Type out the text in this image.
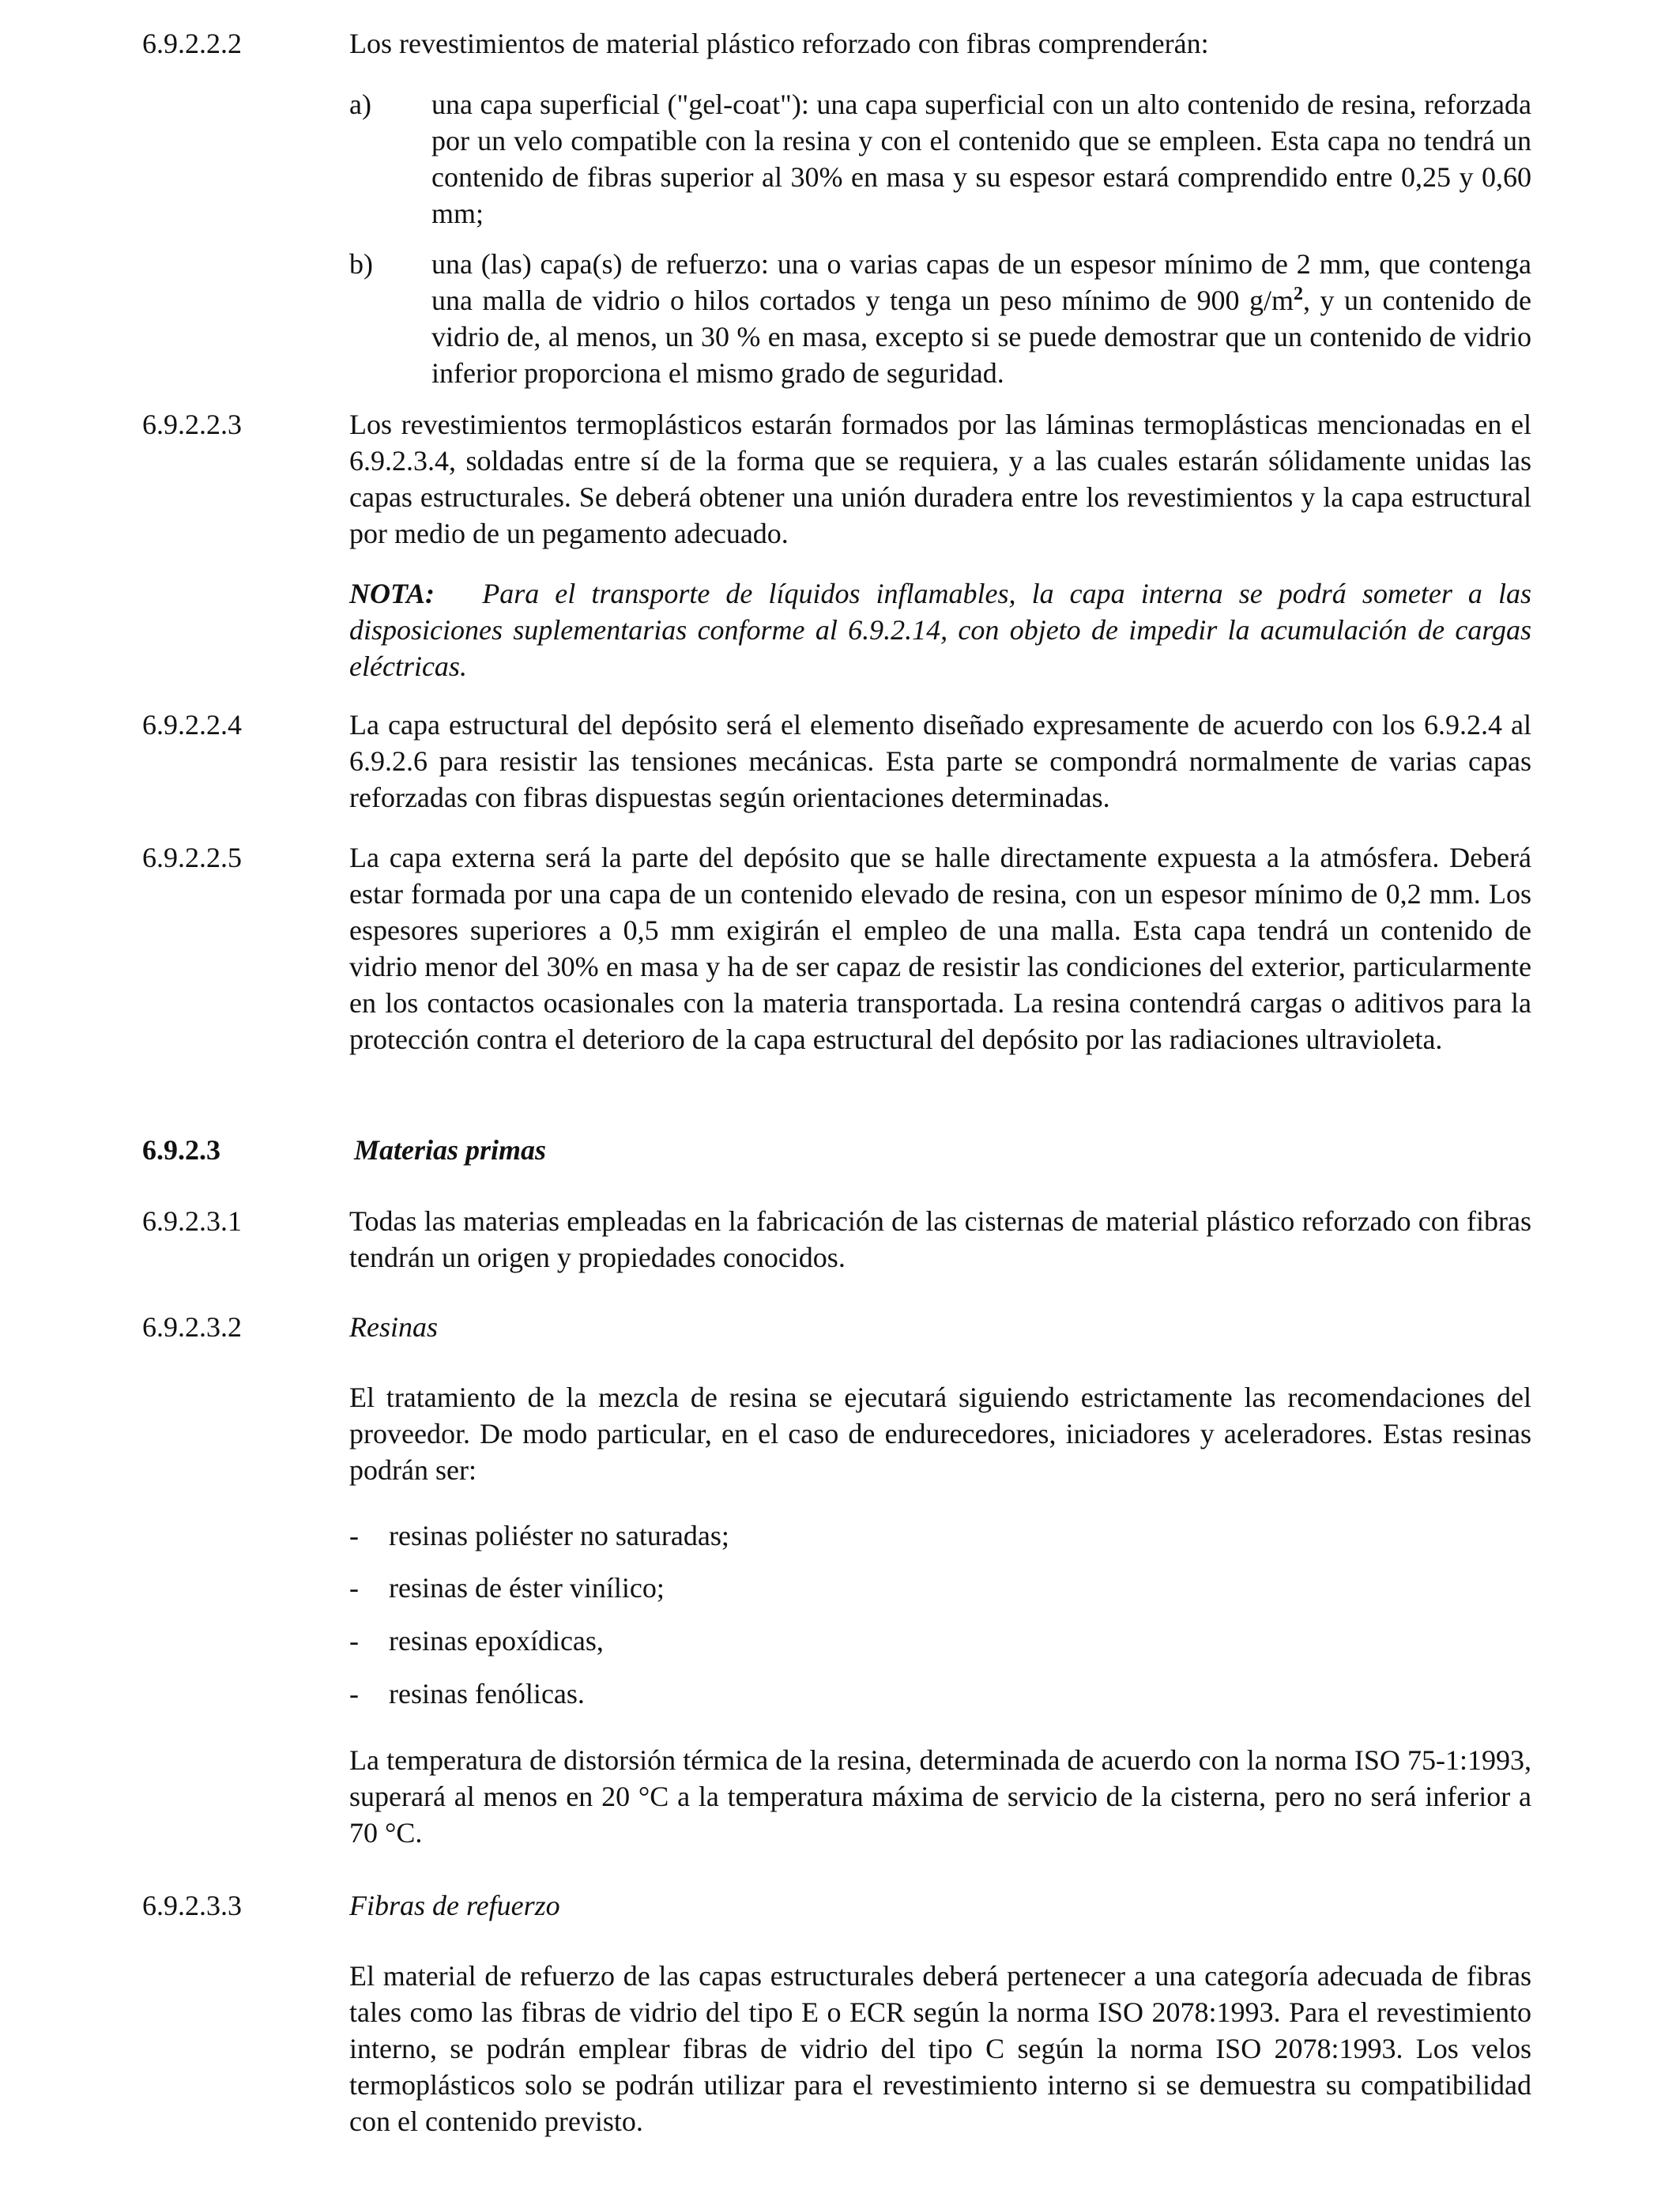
6.9.2.2.2	Los revestimientos de material plástico reforzado con fibras comprenderán:
a) una capa superficial ("gel-coat"): una capa superficial con un alto contenido de resina, reforzada por un velo compatible con la resina y con el contenido que se empleen. Esta capa no tendrá un contenido de fibras superior al 30% en masa y su espesor estará comprendido entre 0,25 y 0,60 mm;
b) una (las) capa(s) de refuerzo: una o varias capas de un espesor mínimo de 2 mm, que contenga una malla de vidrio o hilos cortados y tenga un peso mínimo de 900 $g/m^2$, y un contenido de vidrio de, al menos, un 30 % en masa, excepto si se puede demostrar que un contenido de vidrio inferior proporciona el mismo grado de seguridad.
6.9.2.2.3	Los revestimientos termoplásticos estarán formados por las láminas termoplásticas mencionadas en el 6.9.2.3.4, soldadas entre sí de la forma que se requiera, y a las cuales estarán sólidamente unidas las capas estructurales. Se deberá obtener una unión duradera entre los revestimientos y la capa estructural por medio de un pegamento adecuado.
NOTA: Para el transporte de líquidos inflamables, la capa interna se podrá someter a las disposiciones suplementarias conforme al 6.9.2.14, con objeto de impedir la acumulación de cargas eléctricas.
6.9.2.2.4	La capa estructural del depósito será el elemento diseñado expresamente de acuerdo con los 6.9.2.4 al 6.9.2.6 para resistir las tensiones mecánicas. Esta parte se compondrá normalmente de varias capas reforzadas con fibras dispuestas según orientaciones determinadas.
6.9.2.2.5	La capa externa será la parte del depósito que se halle directamente expuesta a la atmósfera. Deberá estar formada por una capa de un contenido elevado de resina, con un espesor mínimo de 0,2 mm. Los espesores superiores a 0,5 mm exigirán el empleo de una malla. Esta capa tendrá un contenido de vidrio menor del 30% en masa y ha de ser capaz de resistir las condiciones del exterior, particularmente en los contactos ocasionales con la materia transportada. La resina contendrá cargas o aditivos para la protección contra el deterioro de la capa estructural del depósito por las radiaciones ultravioleta.
6.9.2.3	Materias primas
6.9.2.3.1	Todas las materias empleadas en la fabricación de las cisternas de material plástico reforzado con fibras tendrán un origen y propiedades conocidos.
6.9.2.3.2	Resinas
El tratamiento de la mezcla de resina se ejecutará siguiendo estrictamente las recomendaciones del proveedor. De modo particular, en el caso de endurecedores, iniciadores y aceleradores. Estas resinas podrán ser:
- resinas poliéster no saturadas;
- resinas de éster vinílico;
- resinas epoxídicas,
- resinas fenólicas.
La temperatura de distorsión térmica de la resina, determinada de acuerdo con la norma ISO 75-1:1993, superará al menos en 20 °C a la temperatura máxima de servicio de la cisterna, pero no será inferior a 70 °C.
6.9.2.3.3	Fibras de refuerzo
El material de refuerzo de las capas estructurales deberá pertenecer a una categoría adecuada de fibras tales como las fibras de vidrio del tipo E o ECR según la norma ISO 2078:1993. Para el revestimiento interno, se podrán emplear fibras de vidrio del tipo C según la norma ISO 2078:1993. Los velos termoplásticos solo se podrán utilizar para el revestimiento interno si se demuestra su compatibilidad con el contenido previsto.
